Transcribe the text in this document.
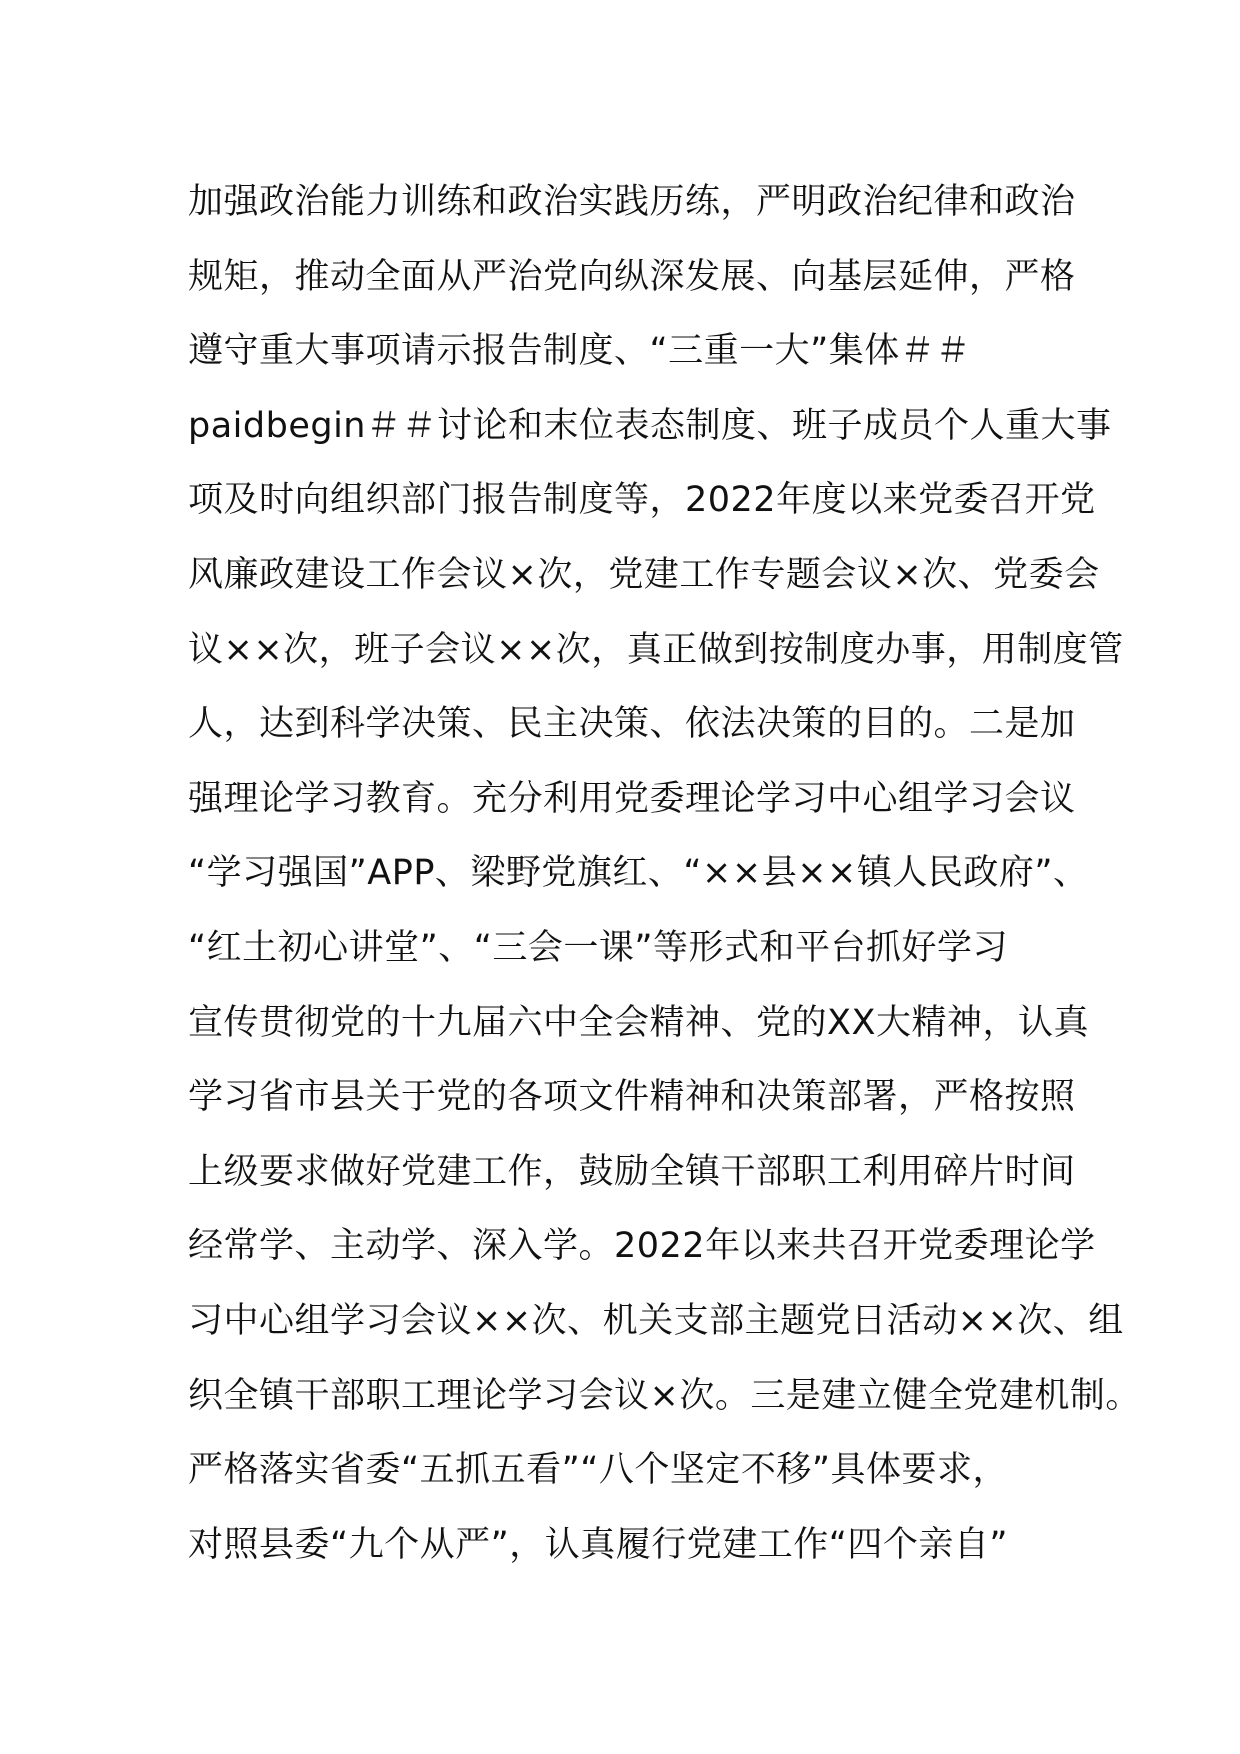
加强政治能力训练和政治实践历练，严明政治纪律和政治
规矩，推动全面从严治党向纵深发展、向基层延伸，严格
遵守重大事项请示报告制度、“三重一大”集体＃＃
paidbegin＃＃讨论和末位表态制度、班子成员个人重大事
项及时向组织部门报告制度等，2022年度以来党委召开党
风廉政建设工作会议×次，党建工作专题会议×次、党委会
议××次，班子会议××次，真正做到按制度办事，用制度管
人，达到科学决策、民主决策、依法决策的目的。二是加
强理论学习教育。充分利用党委理论学习中心组学习会议
“学习强国”APP、梁野党旗红、“××县××镇人民政府”、
“红土初心讲堂”、“三会一课”等形式和平台抓好学习
宣传贯彻党的十九届六中全会精神、党的XX大精神，认真
学习省市县关于党的各项文件精神和决策部署，严格按照
上级要求做好党建工作，鼓励全镇干部职工利用碎片时间
经常学、主动学、深入学。2022年以来共召开党委理论学
习中心组学习会议××次、机关支部主题党日活动××次、组
织全镇干部职工理论学习会议×次。三是建立健全党建机制。
严格落实省委“五抓五看”“八个坚定不移”具体要求，
对照县委“九个从严”，认真履行党建工作“四个亲自”
